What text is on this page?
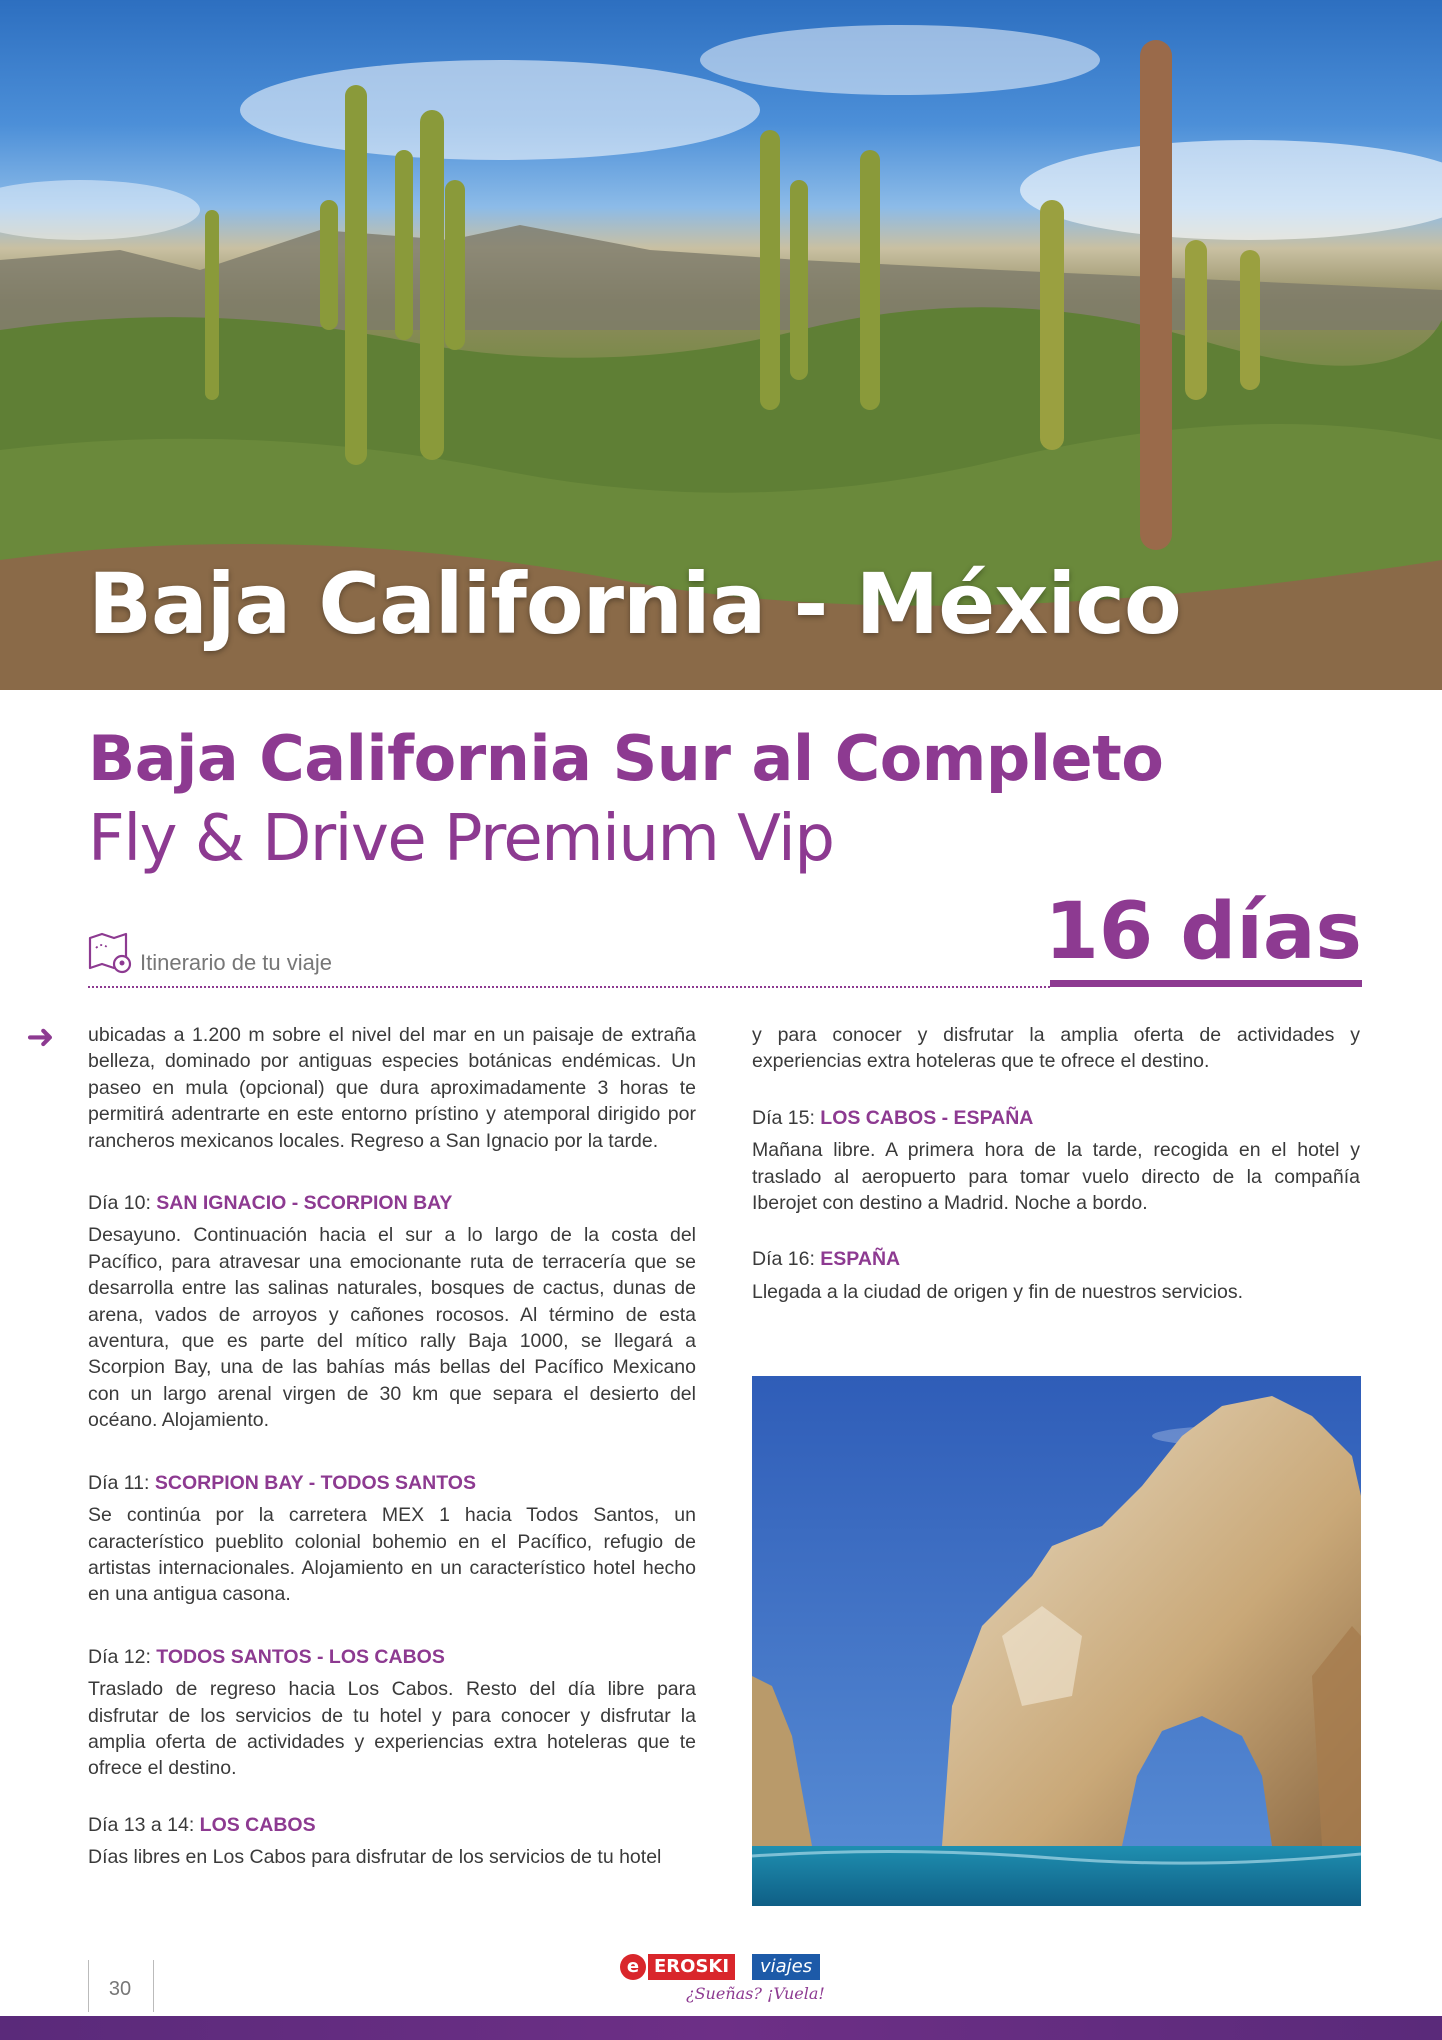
Baja California - México
Baja California Sur al Completo
Fly & Drive Premium Vip
16 días
Itinerario de tu viaje
➜ ubicadas a 1.200 m sobre el nivel del mar en un paisaje de extraña belleza, dominado por antiguas especies botánicas endémicas. Un paseo en mula (opcional) que dura aproximadamente 3 horas te permitirá adentrarte en este entorno prístino y atemporal dirigido por rancheros mexicanos locales. Regreso a San Ignacio por la tarde.

Día 10: SAN IGNACIO - SCORPION BAY

Desayuno. Continuación hacia el sur a lo largo de la costa del Pacífico, para atravesar una emocionante ruta de terracería que se desarrolla entre las salinas naturales, bosques de cactus, dunas de arena, vados de arroyos y cañones rocosos. Al término de esta aventura, que es parte del mítico rally Baja 1000, se llegará a Scorpion Bay, una de las bahías más bellas del Pacífico Mexicano con un largo arenal virgen de 30 km que separa el desierto del océano. Alojamiento.

Día 11: SCORPION BAY - TODOS SANTOS

Se continúa por la carretera MEX 1 hacia Todos Santos, un característico pueblito colonial bohemio en el Pacífico, refugio de artistas internacionales. Alojamiento en un característico hotel hecho en una antigua casona.

Día 12: TODOS SANTOS - LOS CABOS

Traslado de regreso hacia Los Cabos. Resto del día libre para disfrutar de los servicios de tu hotel y para conocer y disfrutar la amplia oferta de actividades y experiencias extra hoteleras que te ofrece el destino.

Día 13 a 14: LOS CABOS

Días libres en Los Cabos para disfrutar de los servicios de tu hotel

y para conocer y disfrutar la amplia oferta de actividades y experiencias extra hoteleras que te ofrece el destino.

Día 15: LOS CABOS - ESPAÑA

Mañana libre. A primera hora de la tarde, recogida en el hotel y traslado al aeropuerto para tomar vuelo directo de la compañía Iberojet con destino a Madrid. Noche a bordo.

Día 16: ESPAÑA

Llegada a la ciudad de origen y fin de nuestros servicios.

30
e EROSKI	viajes
¿Sueñas? ¡Vuela!
